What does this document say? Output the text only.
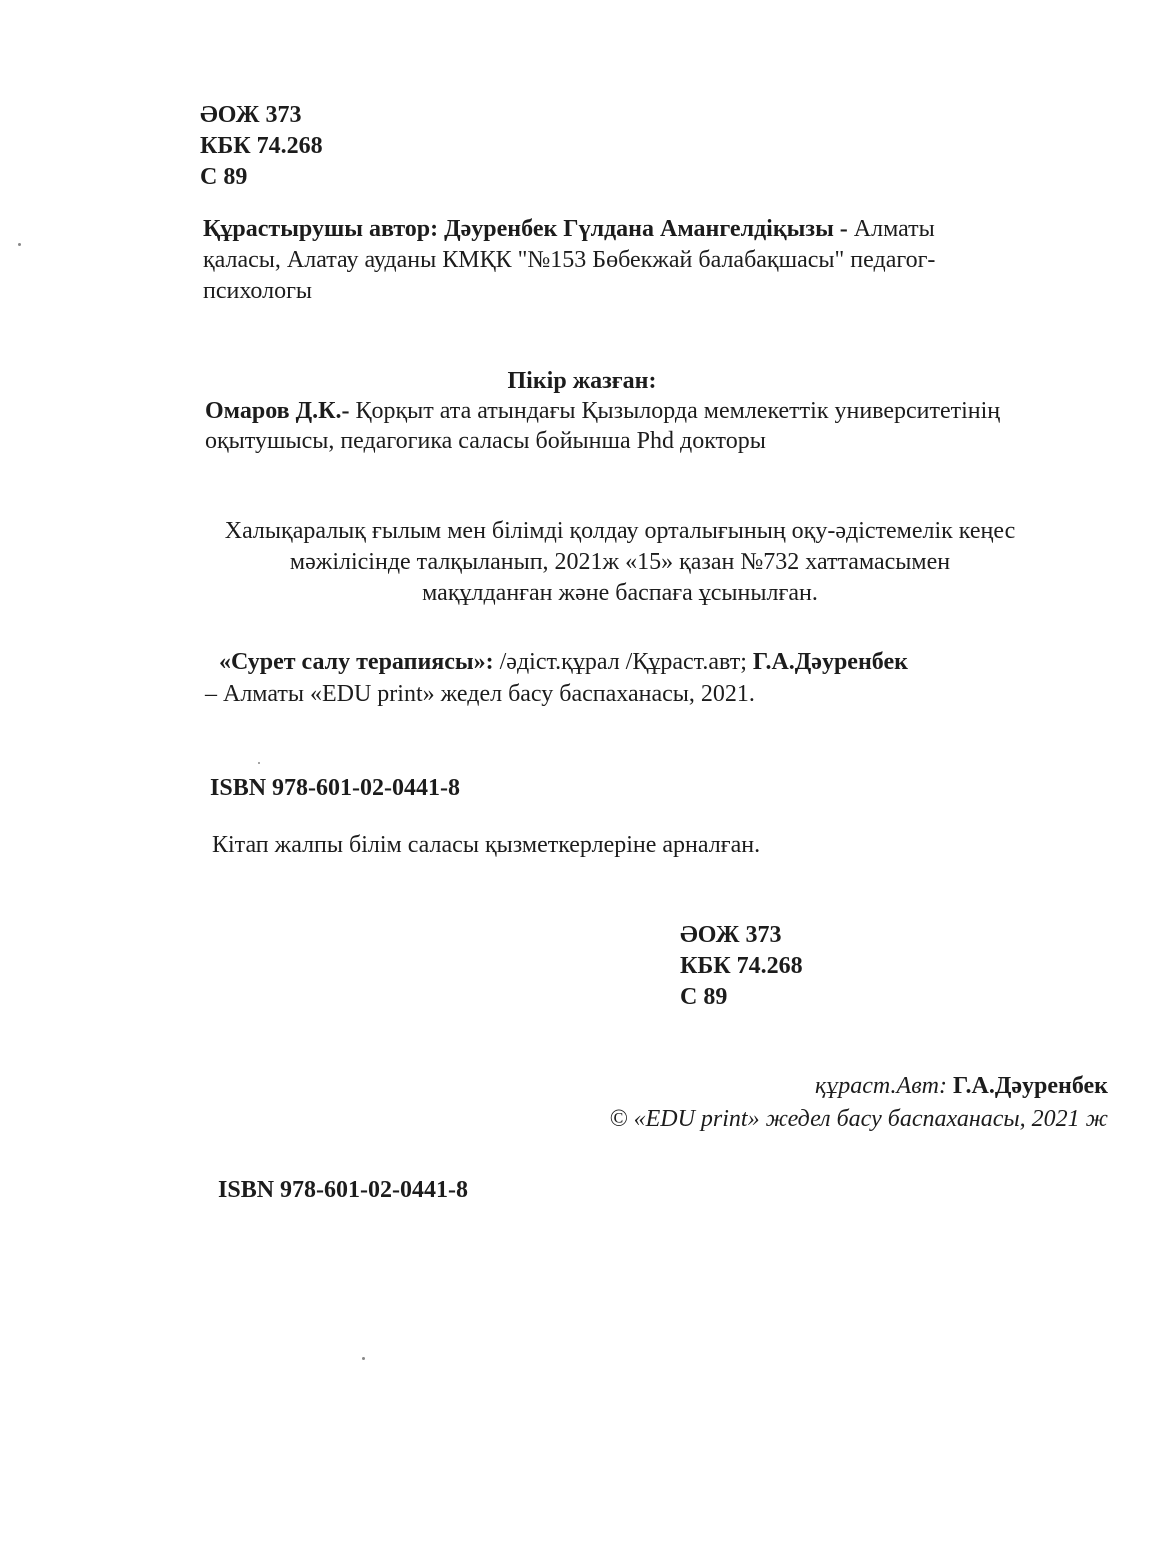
ӘОЖ 373
КБК 74.268
С 89
Құрастырушы автор: Дәуренбек Гүлдана Амангелдіқызы - Алматы
қаласы, Алатау ауданы КМҚК "№153 Бөбекжай балабақшасы" педагог-
психологы
Пікір жазған:
Омаров Д.К.- Қорқыт ата атындағы Қызылорда мемлекеттік университетінің
оқытушысы, педагогика саласы бойынша Phd докторы
Халықаралық ғылым мен білімді қолдау орталығының оқу-әдістемелік кеңес
мәжілісінде талқыланып, 2021ж «15» қазан №732 хаттамасымен
мақұлданған және баспаға ұсынылған.
«Сурет салу терапиясы»: /әдіст.құрал /Құраст.авт; Г.А.Дәуренбек
– Алматы «EDU print» жедел басу баспаханасы, 2021.
ISBN 978-601-02-0441-8
Кітап жалпы білім саласы қызметкерлеріне арналған.
ӘОЖ 373
КБК 74.268
С 89
құраст.Авт: Г.А.Дәуренбек
© «EDU print» жедел басу баспаханасы, 2021 ж
ISBN 978-601-02-0441-8
